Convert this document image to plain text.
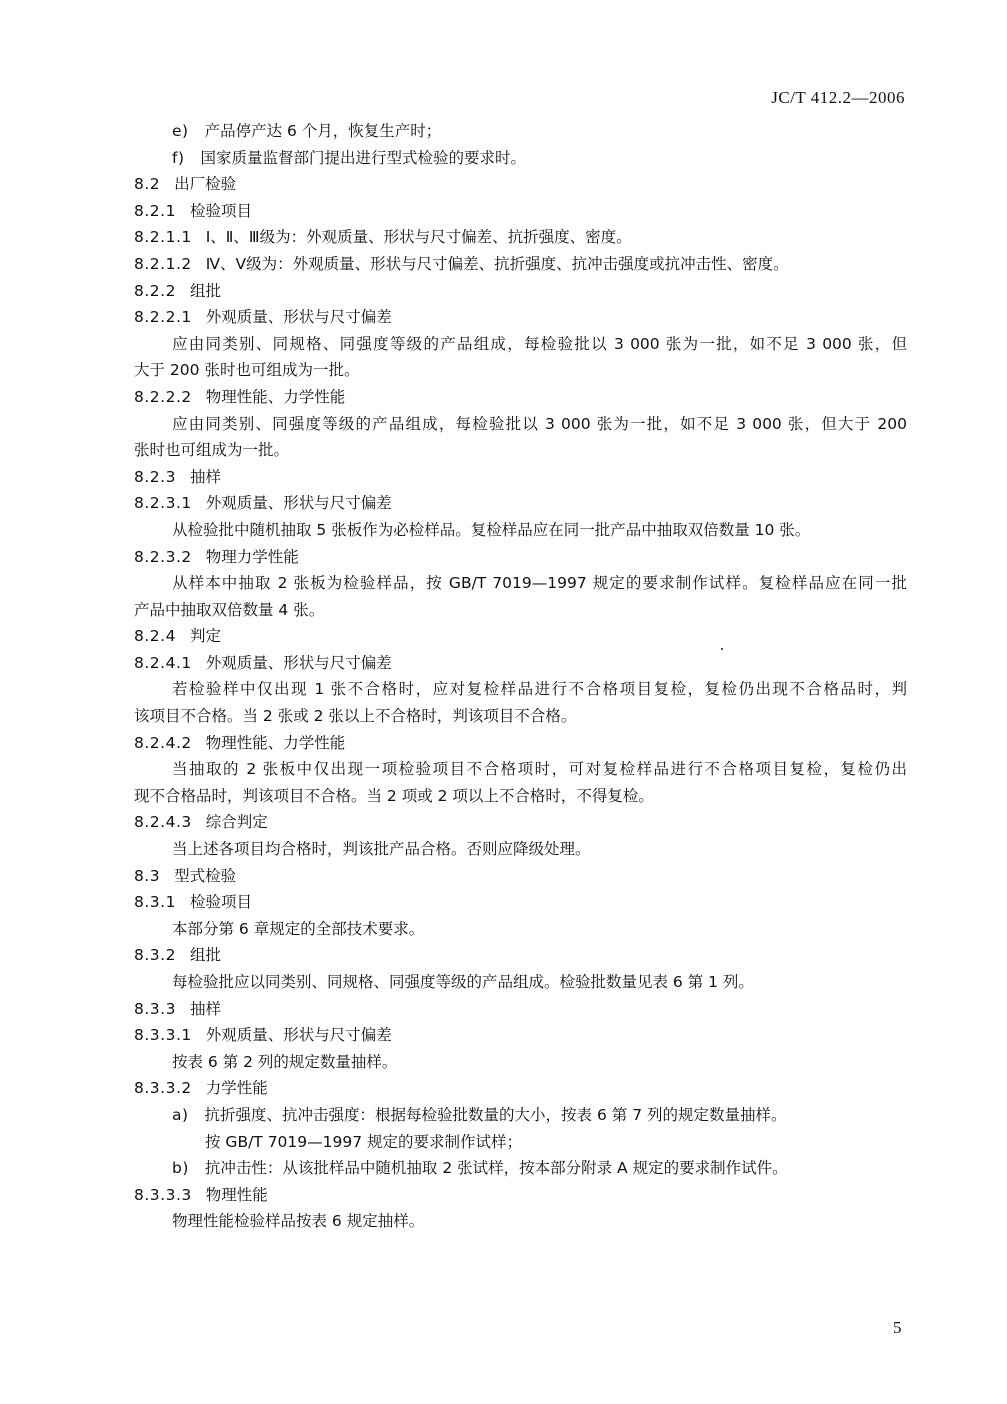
JC/T 412.2—2006
e) 产品停产达 6 个月，恢复生产时；
f) 国家质量监督部门提出进行型式检验的要求时。
8.2 出厂检验
8.2.1 检验项目
8.2.1.1 Ⅰ、Ⅱ、Ⅲ级为：外观质量、形状与尺寸偏差、抗折强度、密度。
8.2.1.2 Ⅳ、Ⅴ级为：外观质量、形状与尺寸偏差、抗折强度、抗冲击强度或抗冲击性、密度。
8.2.2 组批
8.2.2.1 外观质量、形状与尺寸偏差
应由同类别、同规格、同强度等级的产品组成，每检验批以 3 000 张为一批，如不足 3 000 张，但
大于 200 张时也可组成为一批。
8.2.2.2 物理性能、力学性能
应由同类别、同强度等级的产品组成，每检验批以 3 000 张为一批，如不足 3 000 张，但大于 200
张时也可组成为一批。
8.2.3 抽样
8.2.3.1 外观质量、形状与尺寸偏差
从检验批中随机抽取 5 张板作为必检样品。复检样品应在同一批产品中抽取双倍数量 10 张。
8.2.3.2 物理力学性能
从样本中抽取 2 张板为检验样品，按 GB/T 7019—1997 规定的要求制作试样。复检样品应在同一批
产品中抽取双倍数量 4 张。
8.2.4 判定
8.2.4.1 外观质量、形状与尺寸偏差
若检验样中仅出现 1 张不合格时，应对复检样品进行不合格项目复检，复检仍出现不合格品时，判
该项目不合格。当 2 张或 2 张以上不合格时，判该项目不合格。
8.2.4.2 物理性能、力学性能
当抽取的 2 张板中仅出现一项检验项目不合格项时，可对复检样品进行不合格项目复检，复检仍出
现不合格品时，判该项目不合格。当 2 项或 2 项以上不合格时，不得复检。
8.2.4.3 综合判定
当上述各项目均合格时，判该批产品合格。否则应降级处理。
8.3 型式检验
8.3.1 检验项目
本部分第 6 章规定的全部技术要求。
8.3.2 组批
每检验批应以同类别、同规格、同强度等级的产品组成。检验批数量见表 6 第 1 列。
8.3.3 抽样
8.3.3.1 外观质量、形状与尺寸偏差
按表 6 第 2 列的规定数量抽样。
8.3.3.2 力学性能
a) 抗折强度、抗冲击强度：根据每检验批数量的大小，按表 6 第 7 列的规定数量抽样。
按 GB/T 7019—1997 规定的要求制作试样；
b) 抗冲击性：从该批样品中随机抽取 2 张试样，按本部分附录 A 规定的要求制作试件。
8.3.3.3 物理性能
物理性能检验样品按表 6 规定抽样。
5
